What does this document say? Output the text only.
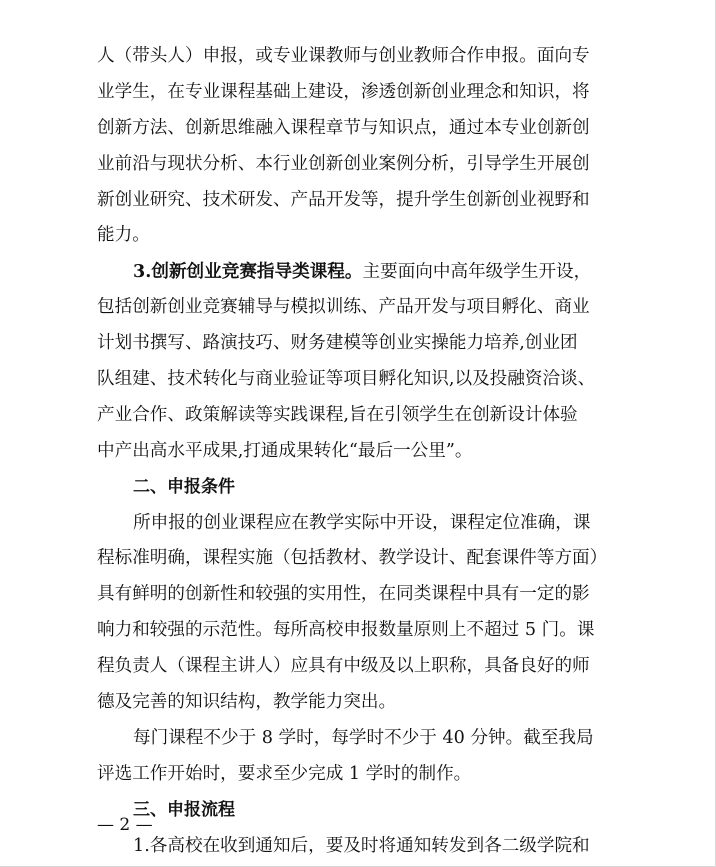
人（带头人）申报，或专业课教师与创业教师合作申报。面向专
业学生，在专业课程基础上建设，渗透创新创业理念和知识，将
创新方法、创新思维融入课程章节与知识点，通过本专业创新创
业前沿与现状分析、本行业创新创业案例分析，引导学生开展创
新创业研究、技术研发、产品开发等，提升学生创新创业视野和
能力。
3.创新创业竞赛指导类课程。主要面向中高年级学生开设，
包括创新创业竞赛辅导与模拟训练、产品开发与项目孵化、商业
计划书撰写、路演技巧、财务建模等创业实操能力培养,创业团
队组建、技术转化与商业验证等项目孵化知识,以及投融资洽谈、
产业合作、政策解读等实践课程,旨在引领学生在创新设计体验
中产出高水平成果,打通成果转化“最后一公里”。
二、申报条件
所申报的创业课程应在教学实际中开设，课程定位准确，课
程标准明确，课程实施（包括教材、教学设计、配套课件等方面）
具有鲜明的创新性和较强的实用性，在同类课程中具有一定的影
响力和较强的示范性。每所高校申报数量原则上不超过 5 门。课
程负责人（课程主讲人）应具有中级及以上职称，具备良好的师
德及完善的知识结构，教学能力突出。
每门课程不少于 8 学时，每学时不少于 40 分钟。截至我局
评选工作开始时，要求至少完成 1 学时的制作。
三、申报流程
1.各高校在收到通知后，要及时将通知转发到各二级学院和
— 2 —
